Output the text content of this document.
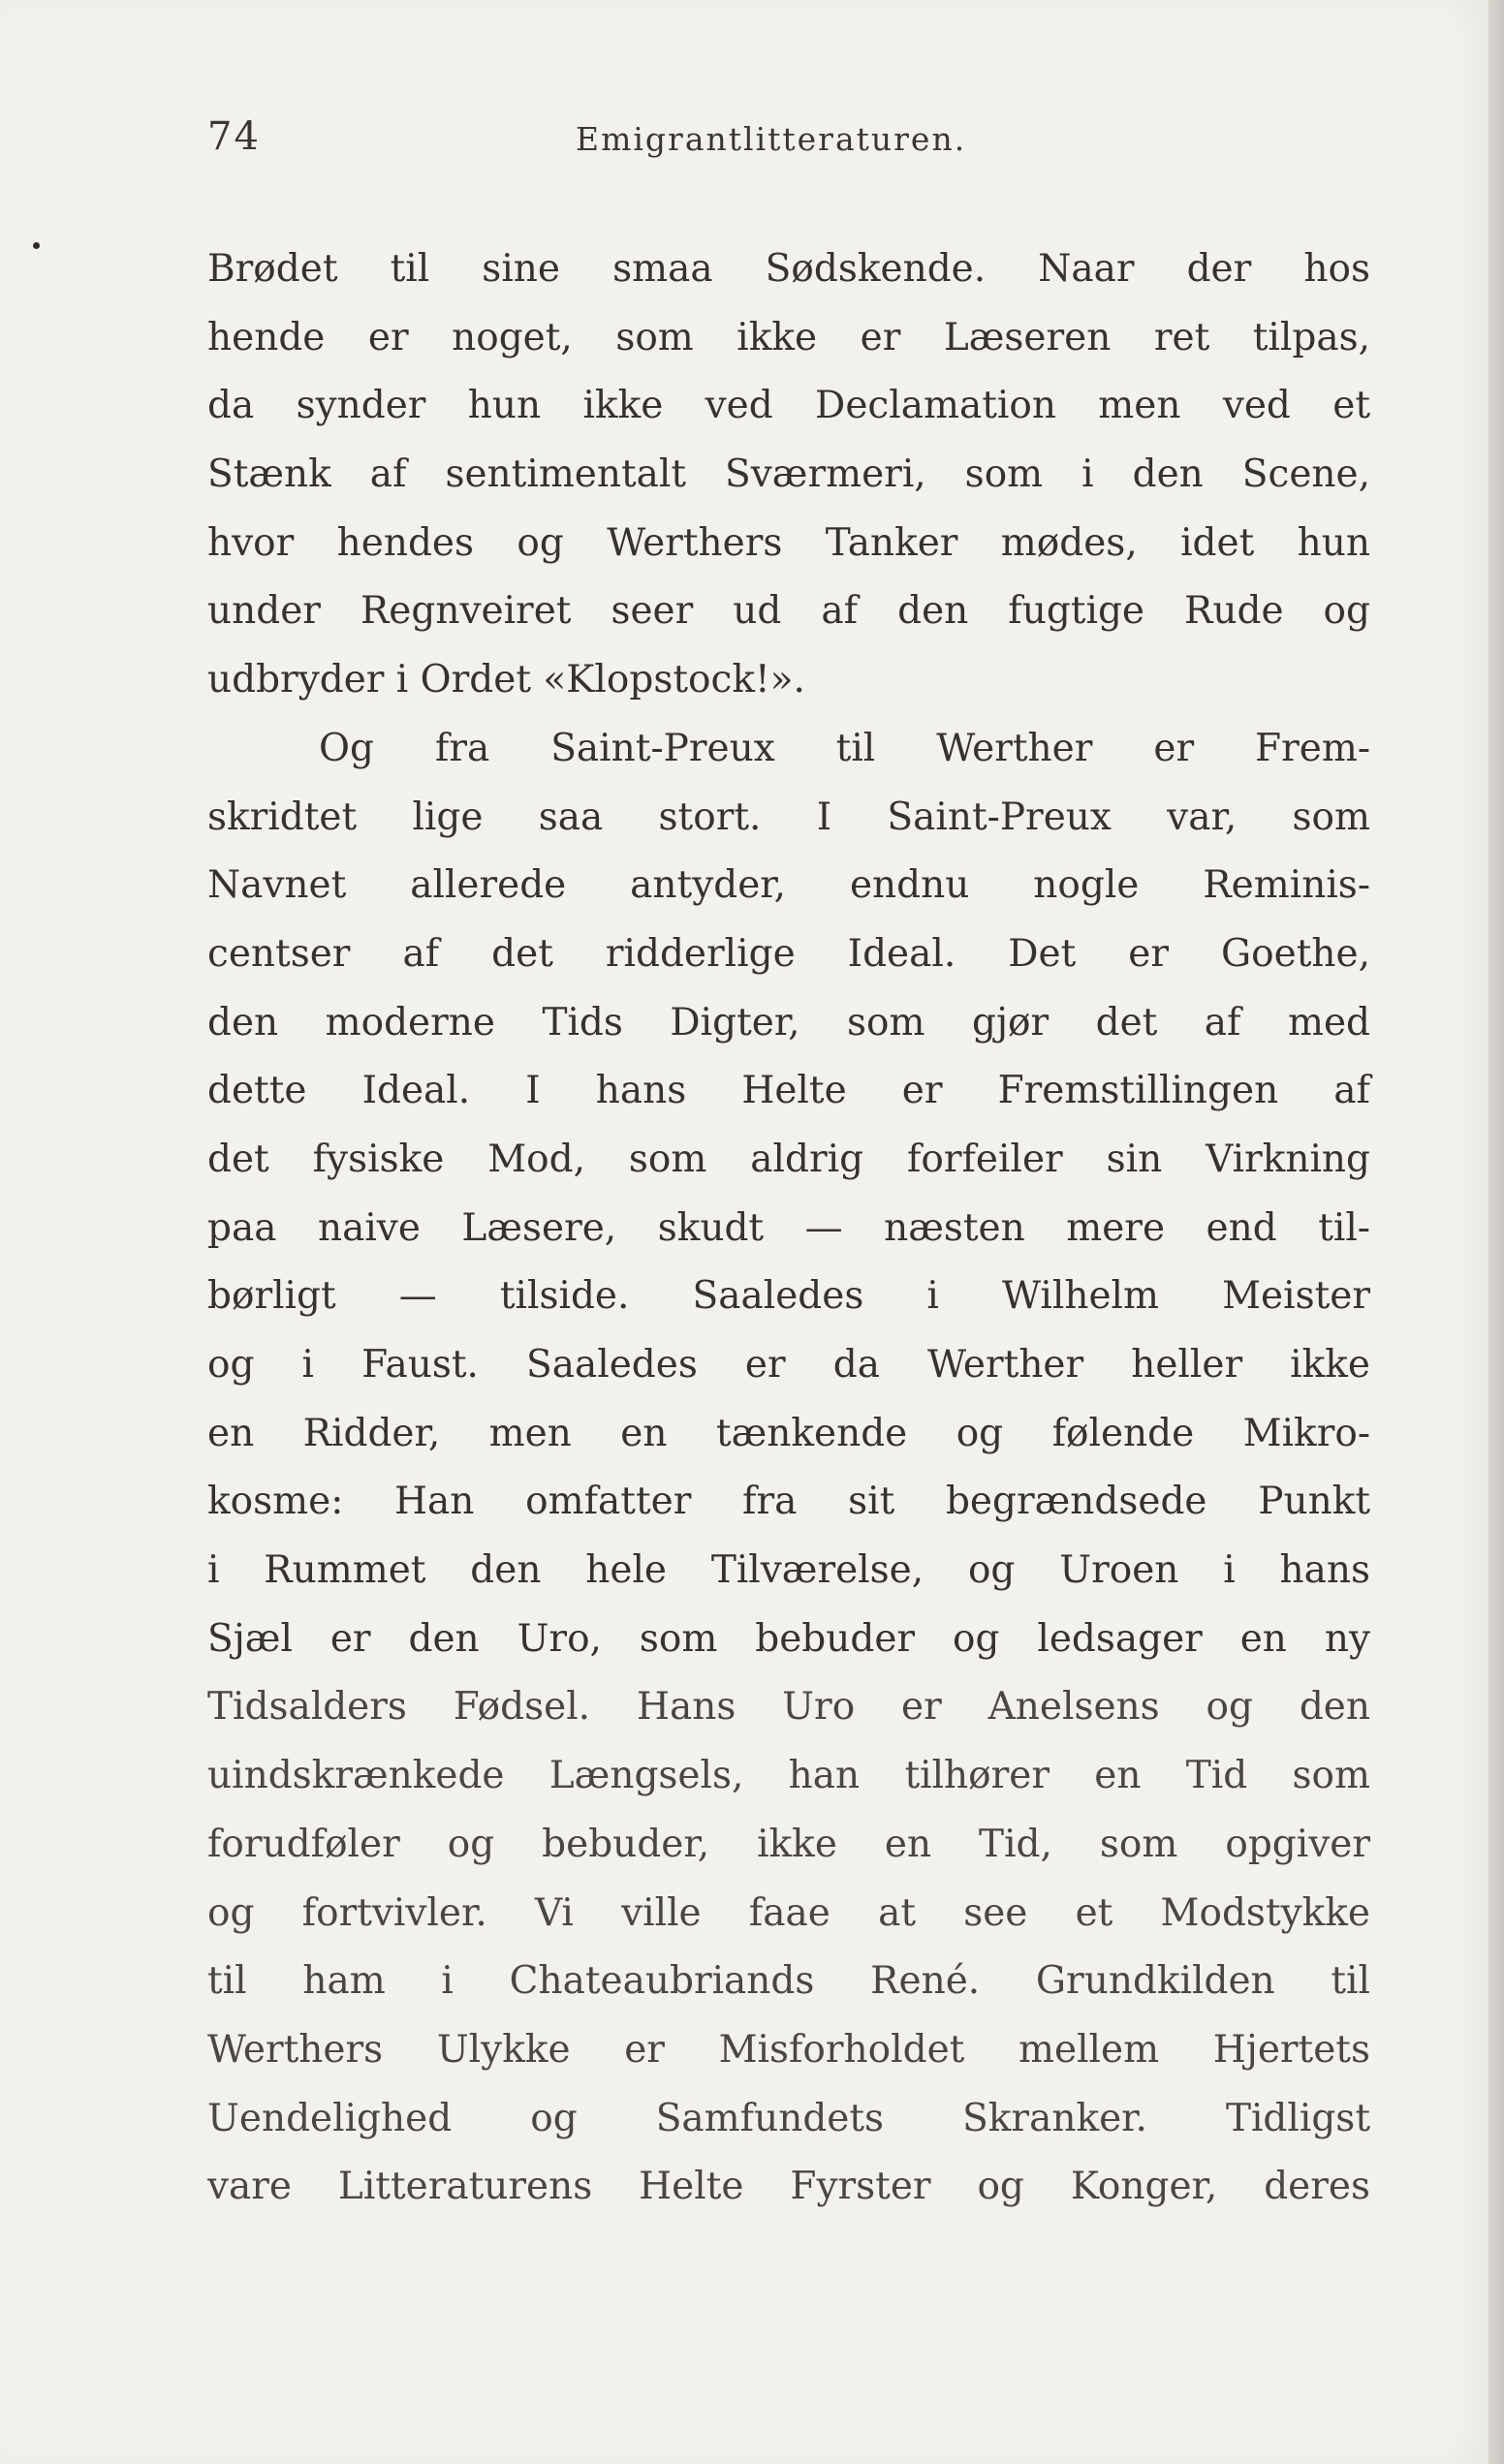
74	Emigrantlitteraturen.
Brødet til sine smaa Sødskende. Naar der hos
hende er noget, som ikke er Læseren ret tilpas,
da synder hun ikke ved Declamation men ved et
Stænk af sentimentalt Sværmeri, som i den Scene,
hvor hendes og Werthers Tanker mødes, idet hun
under Regnveiret seer ud af den fugtige Rude og
udbryder i Ordet «Klopstock!».
Og fra Saint-Preux til Werther er Frem-
skridtet lige saa stort. I Saint-Preux var, som
Navnet allerede antyder, endnu nogle Reminis-
centser af det ridderlige Ideal. Det er Goethe,
den moderne Tids Digter, som gjør det af med
dette Ideal. I hans Helte er Fremstillingen af
det fysiske Mod, som aldrig forfeiler sin Virkning
paa naive Læsere, skudt — næsten mere end til-
børligt — tilside. Saaledes i Wilhelm Meister
og i Faust. Saaledes er da Werther heller ikke
en Ridder, men en tænkende og følende Mikro-
kosme: Han omfatter fra sit begrændsede Punkt
i Rummet den hele Tilværelse, og Uroen i hans
Sjæl er den Uro, som bebuder og ledsager en ny
Tidsalders Fødsel. Hans Uro er Anelsens og den
uindskrænkede Længsels, han tilhører en Tid som
forudføler og bebuder, ikke en Tid, som opgiver
og fortvivler. Vi ville faae at see et Modstykke
til ham i Chateaubriands René. Grundkilden til
Werthers Ulykke er Misforholdet mellem Hjertets
Uendelighed og Samfundets Skranker. Tidligst
vare Litteraturens Helte Fyrster og Konger, deres
